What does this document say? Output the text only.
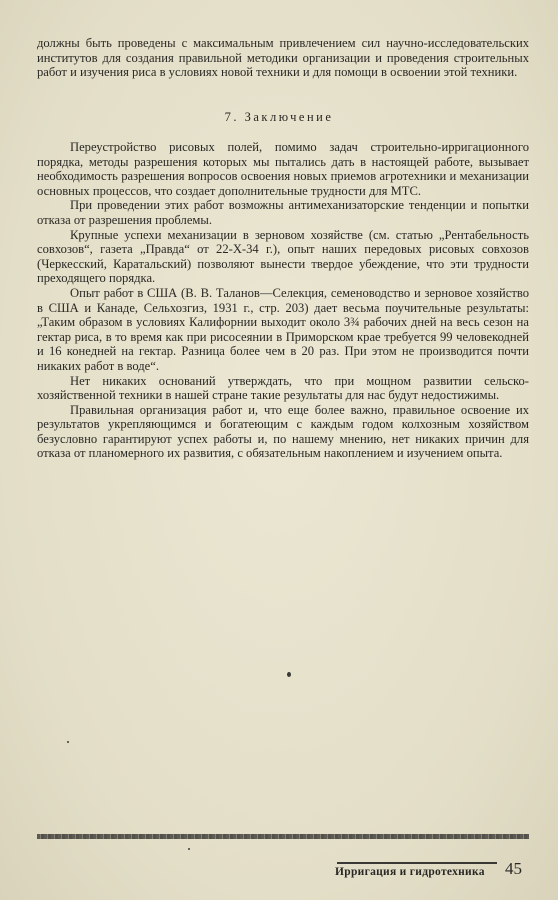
должны быть проведены с максимальным привлечением сил научно-исследовательских институтов для создания правильной методики организации и проведения строительных работ и изучения риса в условиях новой техники и для помощи в освоении этой техники.

7. Заключение

Переустройство рисовых полей, помимо задач строительно-ирригационного порядка, методы разрешения которых мы пытались дать в настоящей работе, вызывает необходимость разрешения вопросов освоения новых приемов агротехники и механизации основных процессов, что создает дополнительные трудности для МТС.

При проведении этих работ возможны антимеханизаторские тенденции и попытки отказа от разрешения проблемы.

Крупные успехи механизации в зерновом хозяйстве (см. статью „Рентабельность совхозов“, газета „Правда“ от 22-X-34 г.), опыт наших передовых рисовых совхозов (Черкесский, Каратальский) позволяют вынести твердое убеждение, что эти трудности преходящего порядка.

Опыт работ в США (В. В. Таланов—Селекция, семеноводство и зерновое хозяйство в США и Канаде, Сельхозгиз, 1931 г., стр. 203) дает весьма поучительные результаты: „Таким образом в условиях Калифорнии выходит около 3¾ рабочих дней на весь сезон на гектар риса, в то время как при рисосеянии в Приморском крае требуется 99 человекодней и 16 конедней на гектар. Разница более чем в 20 раз. При этом не производится почти никаких работ в воде“.

Нет никаких оснований утверждать, что при мощном развитии сельско-хозяйственной техники в нашей стране такие результаты для нас будут недостижимы.

Правильная организация работ и, что еще более важно, правильное освоение их результатов укрепляющимся и богатеющим с каждым годом колхозным хозяйством безусловно гарантируют успех работы и, по нашему мнению, нет никаких причин для отказа от планомерного их развития, с обязательным накоплением и изучением опыта.

Ирригация и гидротехника	45
